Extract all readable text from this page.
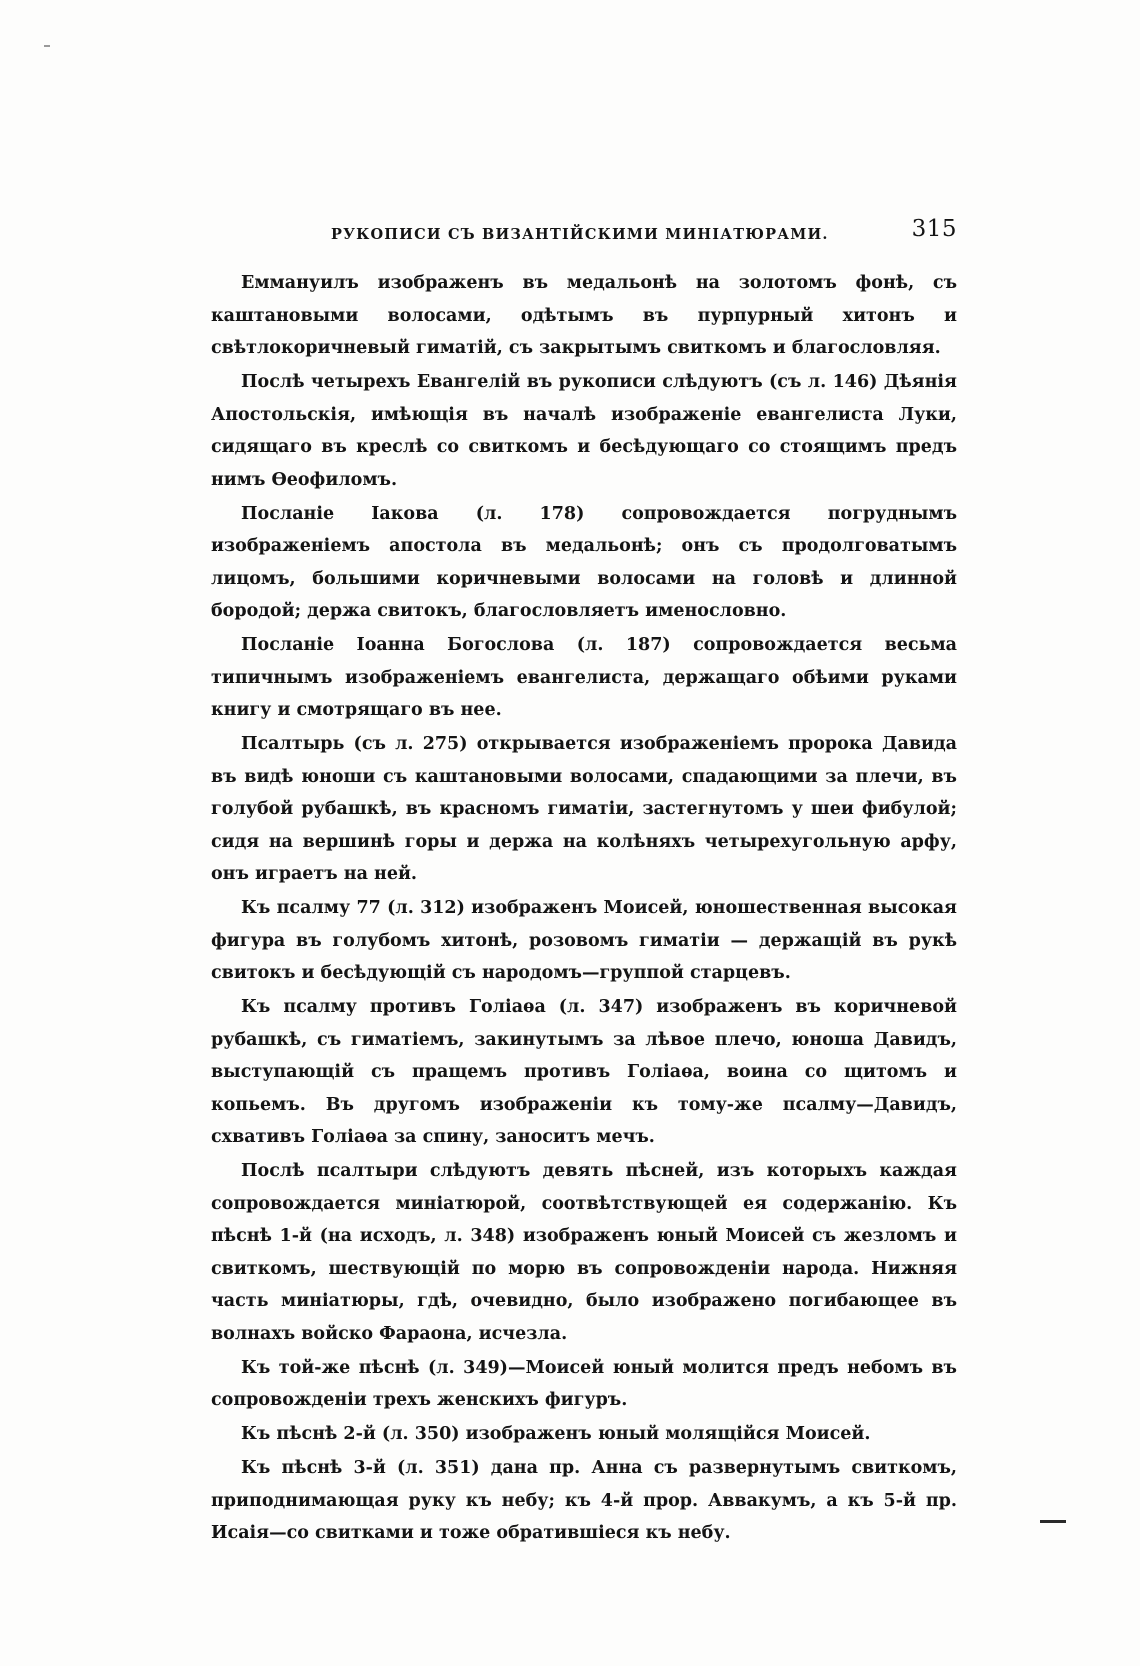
РУКОПИСИ СЪ ВИЗАНТІЙСКИМИ МИНІАТЮРАМИ.	315

Еммануилъ изображенъ въ медальонѣ на золотомъ фонѣ, съ каштановыми волосами, одѣтымъ въ пурпурный хитонъ и свѣтлокоричневый гиматій, съ закрытымъ свиткомъ и благословляя.

Послѣ четырехъ Евангелій въ рукописи слѣдуютъ (съ л. 146) Дѣянія Апостольскія, имѣющія въ началѣ изображеніе евангелиста Луки, сидящаго въ креслѣ со свиткомъ и бесѣдующаго со стоящимъ предъ нимъ Ѳеофиломъ.

Посланіе Іакова (л. 178) сопровождается погруднымъ изображеніемъ апостола въ медальонѣ; онъ съ продолговатымъ лицомъ, большими коричневыми волосами на головѣ и длинной бородой; держа свитокъ, благословляетъ именословно.

Посланіе Іоанна Богослова (л. 187) сопровождается весьма типичнымъ изображеніемъ евангелиста, держащаго обѣими руками книгу и смотрящаго въ нее.

Псалтырь (съ л. 275) открывается изображеніемъ пророка Давида въ видѣ юноши съ каштановыми волосами, спадающими за плечи, въ голубой рубашкѣ, въ красномъ гиматіи, застегнутомъ у шеи фибулой; сидя на вершинѣ горы и держа на колѣняхъ четырехугольную арфу, онъ играетъ на ней.

Къ псалму 77 (л. 312) изображенъ Моисей, юношественная высокая фигура въ голубомъ хитонѣ, розовомъ гиматіи — держащій въ рукѣ свитокъ и бесѣдующій съ народомъ—группой старцевъ.

Къ псалму противъ Голіаѳа (л. 347) изображенъ въ коричневой рубашкѣ, съ гиматіемъ, закинутымъ за лѣвое плечо, юноша Давидъ, выступающій съ пращемъ противъ Голіаѳа, воина со щитомъ и копьемъ. Въ другомъ изображеніи къ тому-же псалму—Давидъ, схвативъ Голіаѳа за спину, заноситъ мечъ.

Послѣ псалтыри слѣдуютъ девять пѣсней, изъ которыхъ каждая сопровождается миніатюрой, соотвѣтствующей ея содержанію. Къ пѣснѣ 1-й (на исходъ, л. 348) изображенъ юный Моисей съ жезломъ и свиткомъ, шествующій по морю въ сопровожденіи народа. Нижняя часть миніатюры, гдѣ, очевидно, было изображено погибающее въ волнахъ войско Фараона, исчезла.

Къ той-же пѣснѣ (л. 349)—Моисей юный молится предъ небомъ въ сопровожденіи трехъ женскихъ фигуръ.

Къ пѣснѣ 2-й (л. 350) изображенъ юный молящійся Моисей.

Къ пѣснѣ 3-й (л. 351) дана пр. Анна съ развернутымъ свиткомъ, приподнимающая руку къ небу; къ 4-й прор. Аввакумъ, а къ 5-й пр. Исаія—со свитками и тоже обратившіеся къ небу.
